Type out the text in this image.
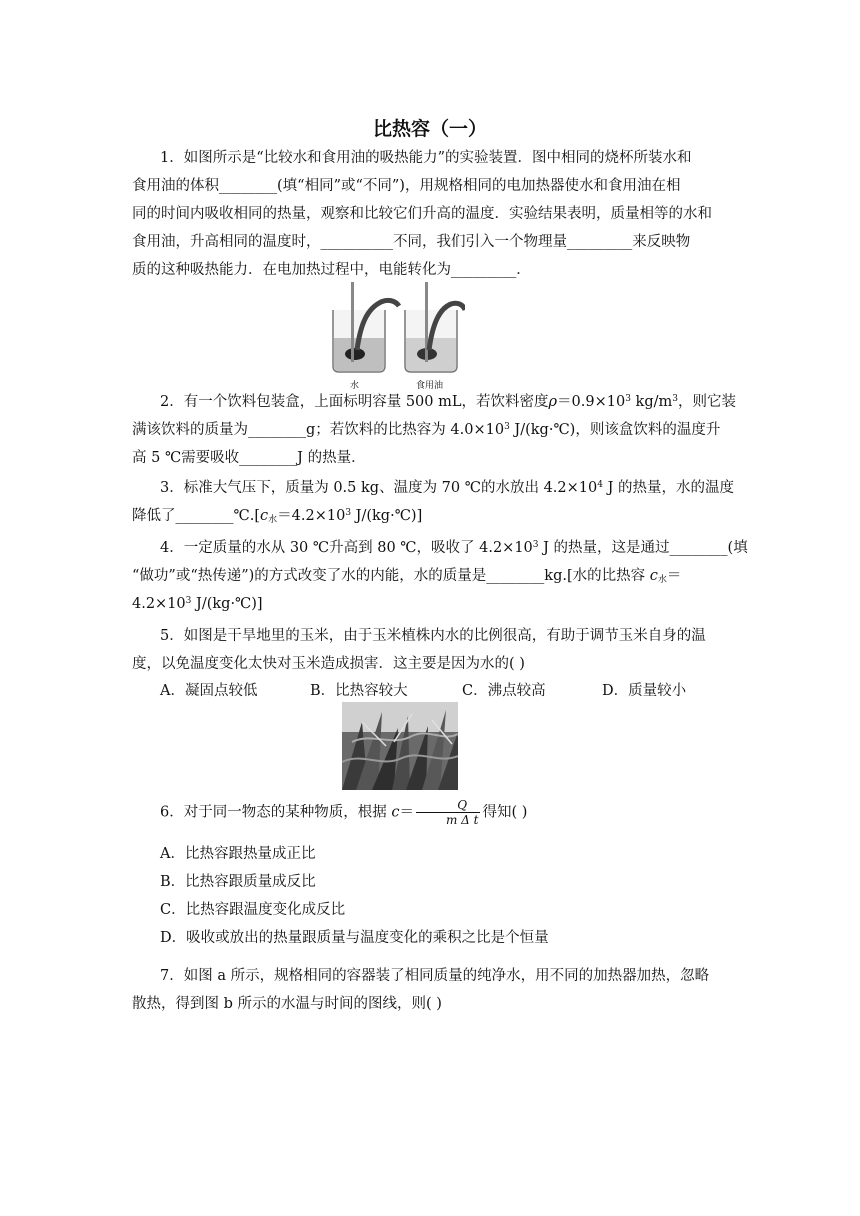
比热容（一）
1．如图所示是“比较水和食用油的吸热能力”的实验装置．图中相同的烧杯所装水和
食用油的体积________(填“相同”或“不同”)，用规格相同的电加热器使水和食用油在相
同的时间内吸收相同的热量，观察和比较它们升高的温度．实验结果表明，质量相等的水和
食用油，升高相同的温度时，__________不同，我们引入一个物理量_________来反映物
质的这种吸热能力．在电加热过程中，电能转化为_________．
水	食用油
2．有一个饮料包装盒，上面标明容量 500 mL，若饮料密度$\rho=0.9\times 10^3$ $kg/m^3$，则它装
满该饮料的质量为________g；若饮料的比热容为 $4.0\times 10^3$ J/(kg·℃)，则该盒饮料的温度升
高 5 ℃需要吸收________J 的热量．
3．标准大气压下，质量为 0.5 kg、温度为 70 ℃的水放出 $4.2\times 10^4$ J 的热量，水的温度
降低了$\_\_\_\_\_\_\_\_℃.[c_水=4.2\times 10^3$ J/(kg·℃)]
4．一定质量的水从 30 ℃升高到 80 ℃，吸收了 $4.2\times 10^3$ J 的热量，这是通过________(填
“做功”或“热传递”)的方式改变了水的内能，水的质量是________kg.[水的比热容 $c_水=$
$4.2\times 10^3$ J/(kg·℃)]
5．如图是干旱地里的玉米，由于玉米植株内水的比例很高，有助于调节玉米自身的温
度，以免温度变化太快对玉米造成损害．这主要是因为水的( )
A．凝固点较低	B．比热容较大	C．沸点较高	D．质量较小
6．对于同一物态的某种物质，根据 $c= \frac{Q}{\text{m Δ t}}$ 得知( )
A．比热容跟热量成正比
B．比热容跟质量成反比
C．比热容跟温度变化成反比
D．吸收或放出的热量跟质量与温度变化的乘积之比是个恒量
7．如图 a 所示，规格相同的容器装了相同质量的纯净水，用不同的加热器加热，忽略
散热，得到图 b 所示的水温与时间的图线，则( )
